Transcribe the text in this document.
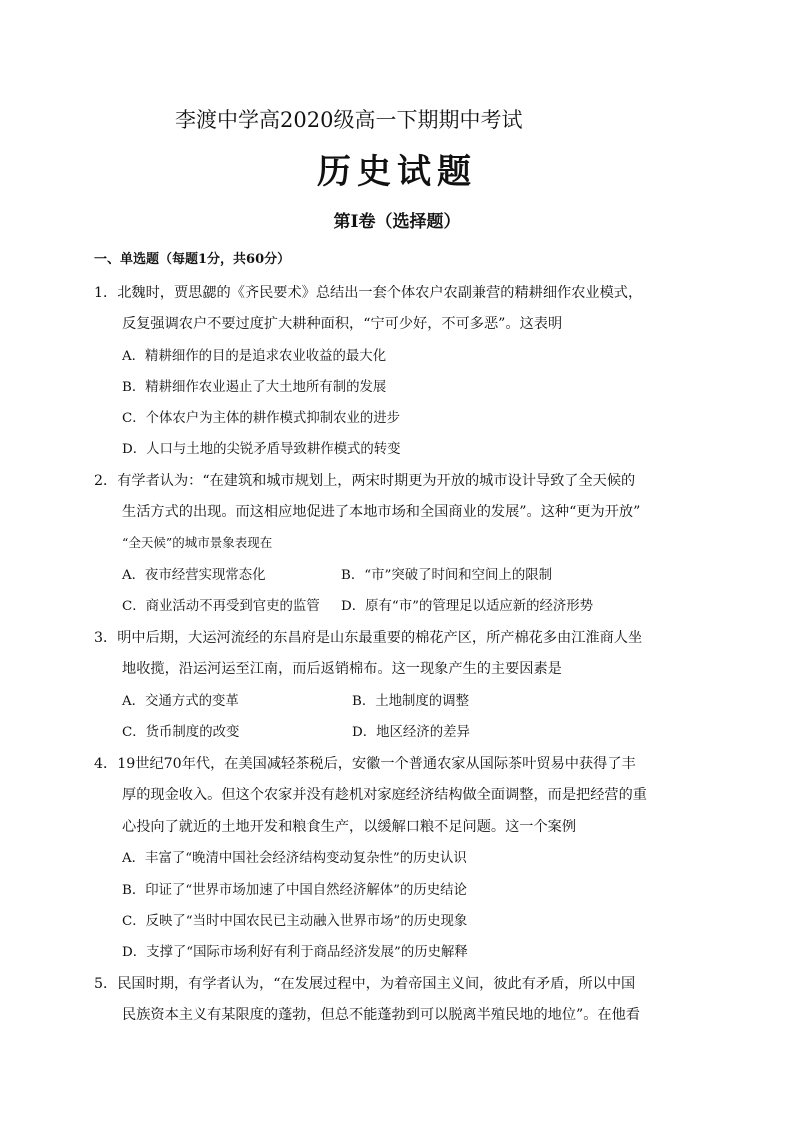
李渡中学高2020级高一下期期中考试
历史试题
第Ⅰ卷（选择题）
一、单选题（每题1分，共60分）
1．北魏时，贾思勰的《齐民要术》总结出一套个体农户农副兼营的精耕细作农业模式，
反复强调农户不要过度扩大耕种面积，“宁可少好，不可多恶”。这表明
A．精耕细作的目的是追求农业收益的最大化
B．精耕细作农业遏止了大土地所有制的发展
C．个体农户为主体的耕作模式抑制农业的进步
D．人口与土地的尖锐矛盾导致耕作模式的转变
2．有学者认为：“在建筑和城市规划上，两宋时期更为开放的城市设计导致了全天候的
生活方式的出现。而这相应地促进了本地市场和全国商业的发展”。这种“更为开放”
“全天候”的城市景象表现在
A．夜市经营实现常态化	B．“市”突破了时间和空间上的限制
C．商业活动不再受到官吏的监管 D．原有“市”的管理足以适应新的经济形势
3．明中后期，大运河流经的东昌府是山东最重要的棉花产区，所产棉花多由江淮商人坐
地收揽，沿运河运至江南，而后返销棉布。这一现象产生的主要因素是
A．交通方式的变革	B．土地制度的调整
C．货币制度的改变	D．地区经济的差异
4．19世纪70年代，在美国减轻茶税后，安徽一个普通农家从国际茶叶贸易中获得了丰
厚的现金收入。但这个农家并没有趁机对家庭经济结构做全面调整，而是把经营的重
心投向了就近的土地开发和粮食生产，以缓解口粮不足问题。这一个案例
A．丰富了“晚清中国社会经济结构变动复杂性”的历史认识
B．印证了“世界市场加速了中国自然经济解体”的历史结论
C．反映了“当时中国农民已主动融入世界市场”的历史现象
D．支撑了“国际市场利好有利于商品经济发展”的历史解释
5．民国时期，有学者认为，“在发展过程中，为着帝国主义间，彼此有矛盾，所以中国
民族资本主义有某限度的蓬勃，但总不能蓬勃到可以脱离半殖民地的地位”。在他看
